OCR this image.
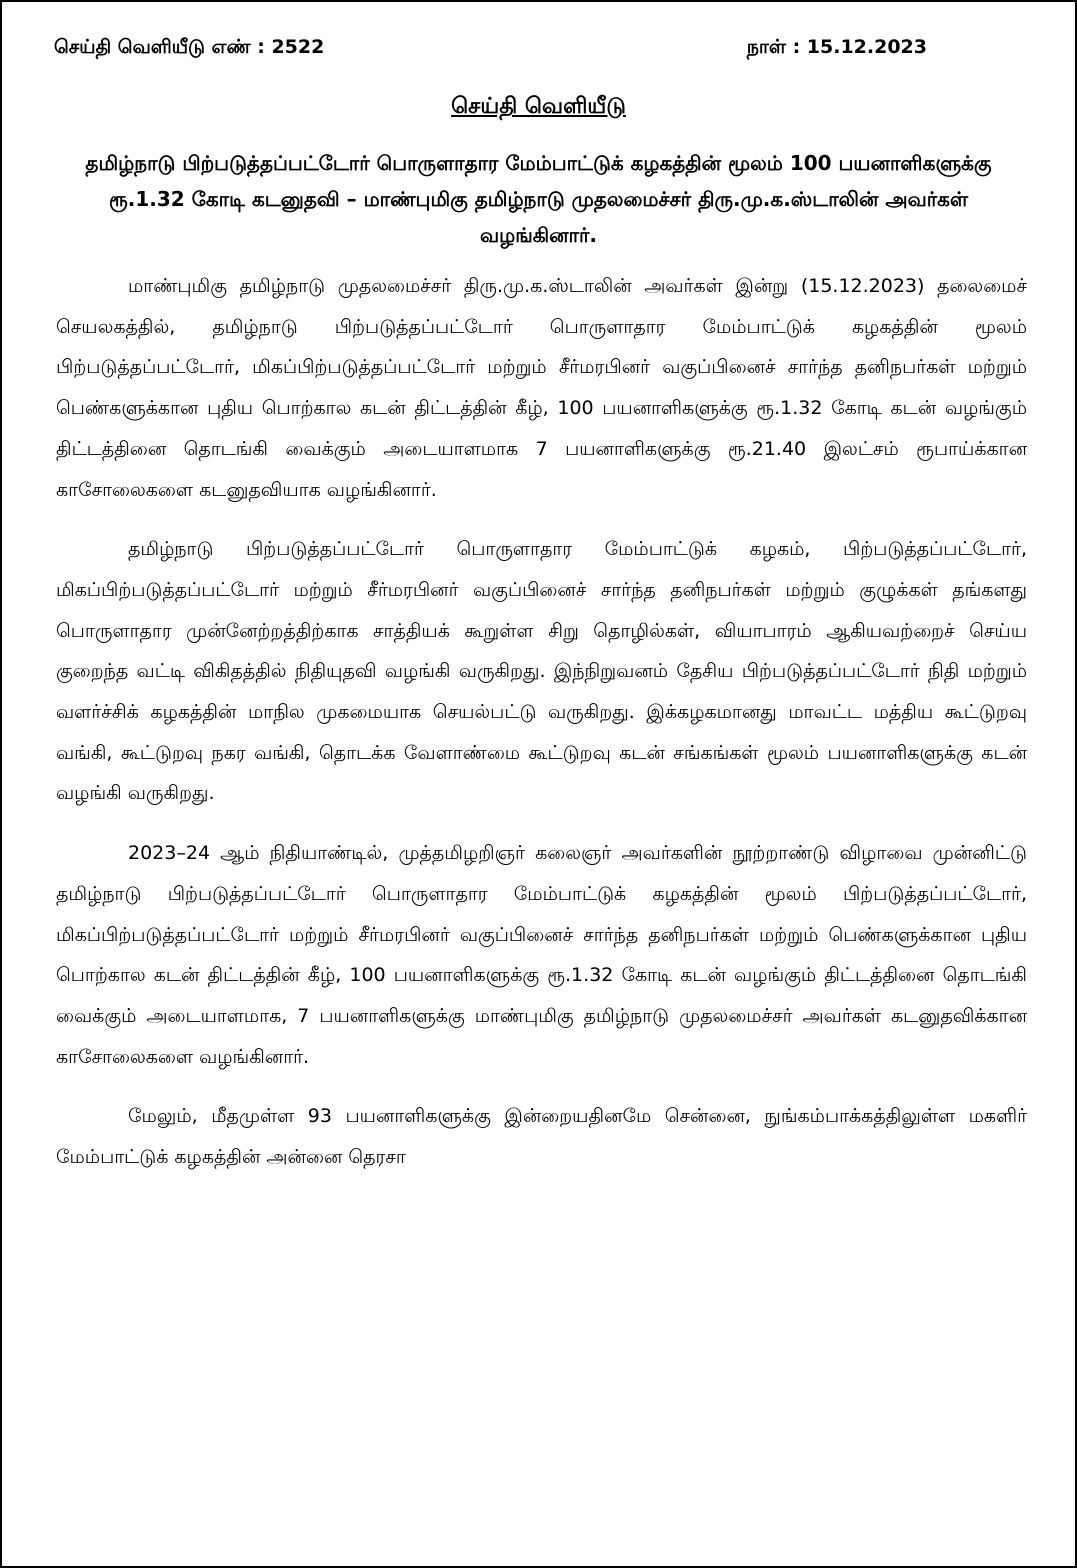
செய்தி வெளியீடு எண் : 2522	நாள் : 15.12.2023
செய்தி வெளியீடு
தமிழ்நாடு பிற்படுத்தப்பட்டோர் பொருளாதார மேம்பாட்டுக் கழகத்தின் மூலம் 100 பயனாளிகளுக்கு ரூ.1.32 கோடி கடனுதவி – மாண்புமிகு தமிழ்நாடு முதலமைச்சர் திரு.மு.க.ஸ்டாலின் அவர்கள் வழங்கினார்.

மாண்புமிகு தமிழ்நாடு முதலமைச்சர் திரு.மு.க.ஸ்டாலின் அவர்கள் இன்று (15.12.2023) தலைமைச் செயலகத்தில், தமிழ்நாடு பிற்படுத்தப்பட்டோர் பொருளாதார மேம்பாட்டுக் கழகத்தின் மூலம் பிற்படுத்தப்பட்டோர், மிகப்பிற்படுத்தப்பட்டோர் மற்றும் சீர்மரபினர் வகுப்பினைச் சார்ந்த தனிநபர்கள் மற்றும் பெண்களுக்கான புதிய பொற்கால கடன் திட்டத்தின் கீழ், 100 பயனாளிகளுக்கு ரூ.1.32 கோடி கடன் வழங்கும் திட்டத்தினை தொடங்கி வைக்கும் அடையாளமாக 7 பயனாளிகளுக்கு ரூ.21.40 இலட்சம் ரூபாய்க்கான காசோலைகளை கடனுதவியாக வழங்கினார்.

தமிழ்நாடு பிற்படுத்தப்பட்டோர் பொருளாதார மேம்பாட்டுக் கழகம், பிற்படுத்தப்பட்டோர், மிகப்பிற்படுத்தப்பட்டோர் மற்றும் சீர்மரபினர் வகுப்பினைச் சார்ந்த தனிநபர்கள் மற்றும் குழுக்கள் தங்களது பொருளாதார முன்னேற்றத்திற்காக சாத்தியக் கூறுள்ள சிறு தொழில்கள், வியாபாரம் ஆகியவற்றைச் செய்ய குறைந்த வட்டி விகிதத்தில் நிதியுதவி வழங்கி வருகிறது. இந்நிறுவனம் தேசிய பிற்படுத்தப்பட்டோர் நிதி மற்றும் வளர்ச்சிக் கழகத்தின் மாநில முகமையாக செயல்பட்டு வருகிறது. இக்கழகமானது மாவட்ட மத்திய கூட்டுறவு வங்கி, கூட்டுறவு நகர வங்கி, தொடக்க வேளாண்மை கூட்டுறவு கடன் சங்கங்கள் மூலம் பயனாளிகளுக்கு கடன் வழங்கி வருகிறது.

2023–24 ஆம் நிதியாண்டில், முத்தமிழறிஞர் கலைஞர் அவர்களின் நூற்றாண்டு விழாவை முன்னிட்டு தமிழ்நாடு பிற்படுத்தப்பட்டோர் பொருளாதார மேம்பாட்டுக் கழகத்தின் மூலம் பிற்படுத்தப்பட்டோர், மிகப்பிற்படுத்தப்பட்டோர் மற்றும் சீர்மரபினர் வகுப்பினைச் சார்ந்த தனிநபர்கள் மற்றும் பெண்களுக்கான புதிய பொற்கால கடன் திட்டத்தின் கீழ், 100 பயனாளிகளுக்கு ரூ.1.32 கோடி கடன் வழங்கும் திட்டத்தினை தொடங்கி வைக்கும் அடையாளமாக, 7 பயனாளிகளுக்கு மாண்புமிகு தமிழ்நாடு முதலமைச்சர் அவர்கள் கடனுதவிக்கான காசோலைகளை வழங்கினார்.

மேலும், மீதமுள்ள 93 பயனாளிகளுக்கு இன்றையதினமே சென்னை, நுங்கம்பாக்கத்திலுள்ள மகளிர் மேம்பாட்டுக் கழகத்தின் அன்னை தெரசா
